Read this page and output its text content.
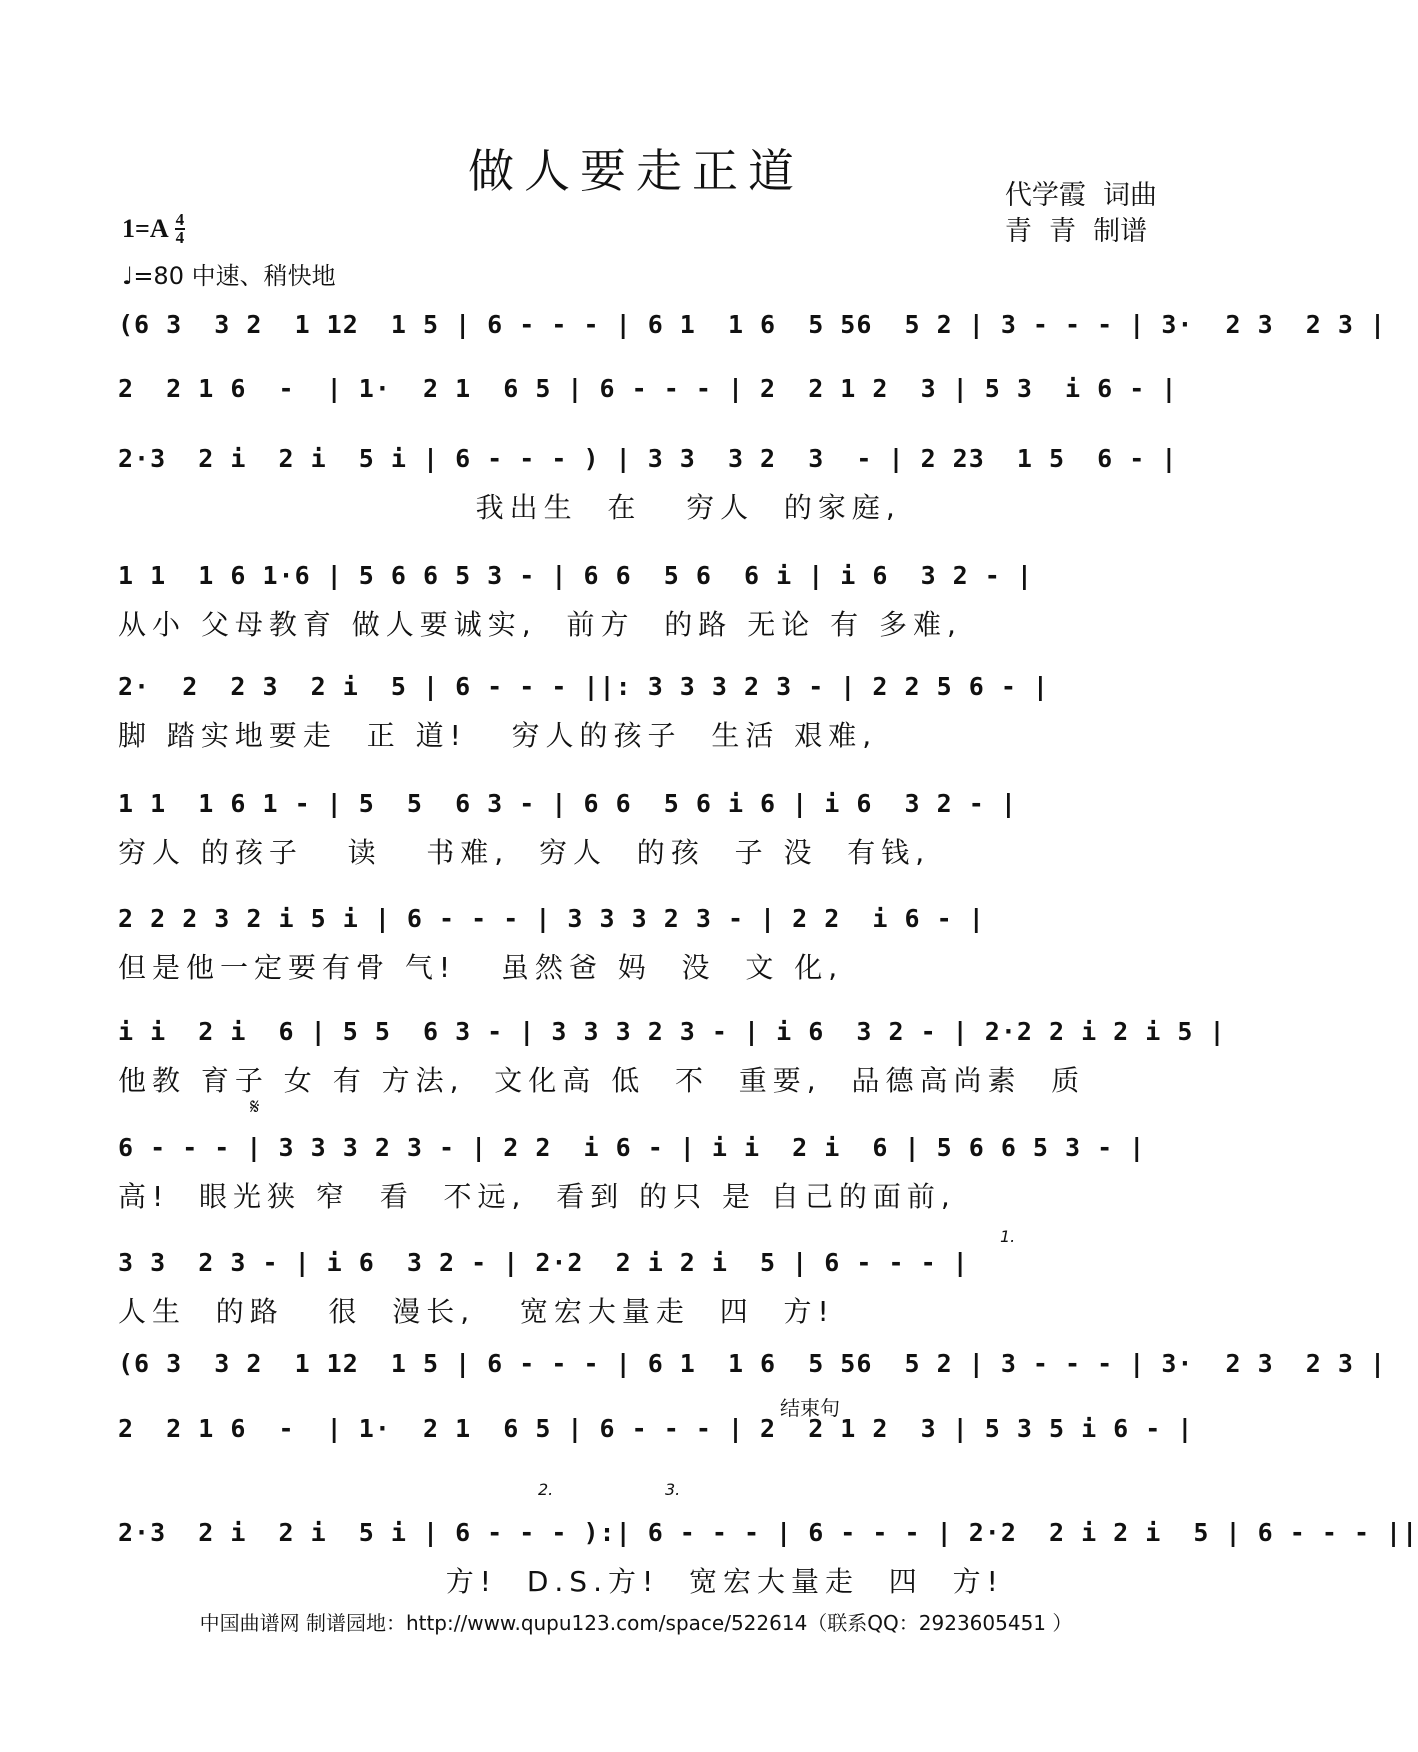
做人要走正道	代学霞  词曲
青  青  制谱
1=A 4
4
♩=80 中速、稍快地
(6 3  3 2  1 12  1 5 | 6 - - - | 6 1  1 6  5 56  5 2 | 3 - - - | 3·  2 3  2 3 |
2  2 1 6  -  | 1·  2 1  6 5 | 6 - - - | 2  2 1 2  3 | 5 3  i 6 - |
2·3  2 i  2 i  5 i | 6 - - - ) | 3 3  3 2  3  - | 2 23  1 5  6 - |
我出生  在   穷人  的家庭,
1 1  1 6 1·6 | 5 6 6 5 3 - | 6 6  5 6  6 i | i 6  3 2 - |
从小 父母教育 做人要诚实,  前方  的路 无论 有 多难,
2·  2  2 3  2 i  5 | 6 - - - ||: 3 3 3 2 3 - | 2 2 5 6 - |
脚 踏实地要走  正 道!   穷人的孩子  生活 艰难,
1 1  1 6 1 - | 5  5  6 3 - | 6 6  5 6 i 6 | i 6  3 2 - |
穷人 的孩子   读   书难,  穷人  的孩  子 没  有钱,
2 2 2 3 2 i 5 i | 6 - - - | 3 3 3 2 3 - | 2 2  i 6 - |
但是他一定要有骨 气!   虽然爸 妈  没  文 化,
i i  2 i  6 | 5 5  6 3 - | 3 3 3 2 3 - | i 6  3 2 - | 2·2 2 i 2 i 5 |
他教 育子 女 有 方法,  文化高 低  不  重要,  品德高尚素  质
6 - - - | 3 3 3 2 3 - | 2 2  i 6 - | i i  2 i  6 | 5 6 6 5 3 - |
高!  眼光狭 窄  看  不远,  看到 的只 是 自己的面前,
3 3  2 3 - | i 6  3 2 - | 2·2  2 i 2 i  5 | 6 - - - |
人生  的路   很  漫长,   宽宏大量走  四  方!
(6 3  3 2  1 12  1 5 | 6 - - - | 6 1  1 6  5 56  5 2 | 3 - - - | 3·  2 3  2 3 |
2  2 1 6  -  | 1·  2 1  6 5 | 6 - - - | 2  2 1 2  3 | 5 3 5 i 6 - |
2·3  2 i  2 i  5 i | 6 - - - ):| 6 - - - | 6 - - - | 2·2  2 i 2 i  5 | 6 - - - ||
方!  D.S.方!  宽宏大量走  四  方!
结束句
1.
2.	3.
𝄋
中国曲谱网 制谱园地：http://www.qupu123.com/space/522614（联系QQ：2923605451 ）
